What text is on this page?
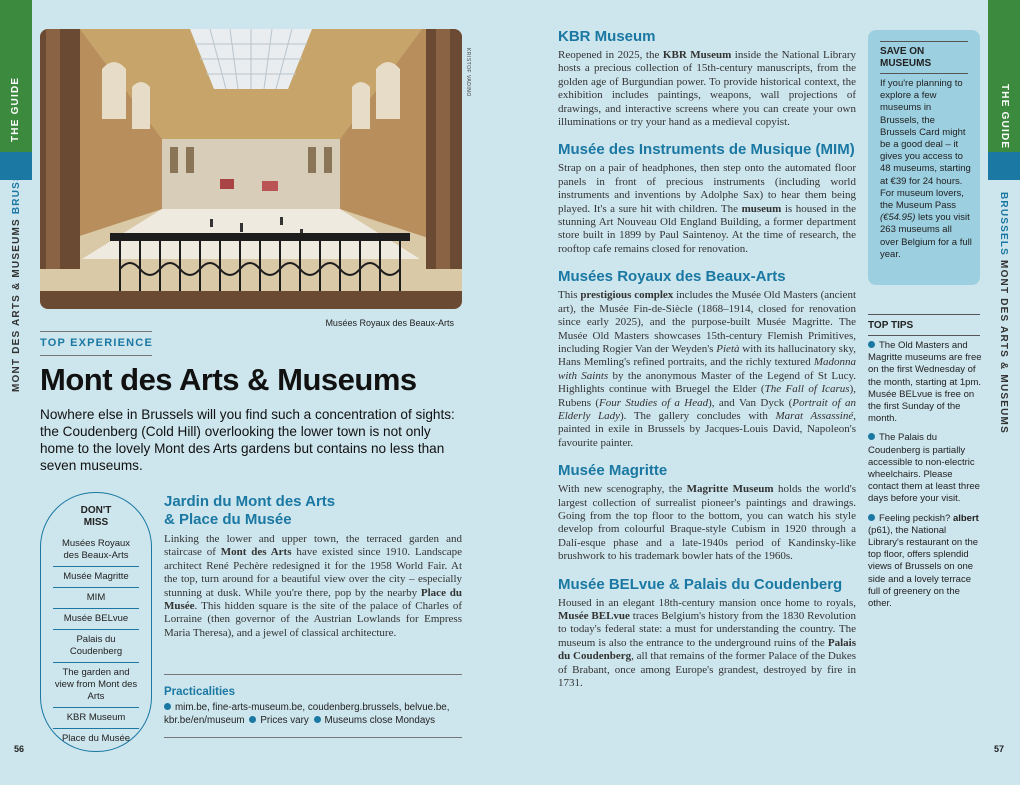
THE GUIDE
MONT DES ARTS & MUSEUMS BRUSSELS
KRISTOF VADINO
Musées Royaux des Beaux-Arts
TOP EXPERIENCE
Mont des Arts & Museums
Nowhere else in Brussels will you find such a concentration of sights: the Coudenberg (Cold Hill) overlooking the lower town is not only home to the lovely Mont des Arts gardens but contains no less than seven museums.
DON'T MISS
Musées Royaux des Beaux-Arts
Musée Magritte
MIM
Musée BELvue
Palais du Coudenberg
The garden and view from Mont des Arts
KBR Museum
Place du Musée
Jardin du Mont des Arts
& Place du Musée

Linking the lower and upper town, the terraced garden and staircase of Mont des Arts have existed since 1910. Landscape architect René Pechère redesigned it for the 1958 World Fair. At the top, turn around for a beautiful view over the city – especially stunning at dusk. While you're there, pop by the nearby Place du Musée. This hidden square is the site of the palace of Charles of Lorraine (then governor of the Austrian Lowlands for Empress Maria Theresa), and a jewel of classical architecture.

Practicalities
mim.be, fine-arts-museum.be, coudenberg.brussels, belvue.be, kbr.be/en/museum Prices vary Museums close Mondays
56
KBR Museum

Reopened in 2025, the KBR Museum inside the National Library hosts a precious collection of 15th-century manuscripts, from the golden age of Burgundian power. To provide historical context, the exhibition includes paintings, weapons, wall projections of drawings, and interactive screens where you can create your own illuminations or try your hand as a medieval copyist.

Musée des Instruments de Musique (MIM)

Strap on a pair of headphones, then step onto the automated floor panels in front of precious instruments (including world instruments and inventions by Adolphe Sax) to hear them being played. It's a sure hit with children. The museum is housed in the stunning Art Nouveau Old England Building, a former department store built in 1899 by Paul Saintenoy. At the time of research, the rooftop cafe remains closed for renovation.

Musées Royaux des Beaux-Arts

This prestigious complex includes the Musée Old Masters (ancient art), the Musée Fin-de-Siècle (1868–1914, closed for renovation since early 2025), and the purpose-built Musée Magritte. The Musée Old Masters showcases 15th-century Flemish Primitives, including Rogier Van der Weyden's Pietà with its hallucinatory sky, Hans Memling's refined portraits, and the richly textured Madonna with Saints by the anonymous Master of the Legend of St Lucy. Highlights continue with Bruegel the Elder (The Fall of Icarus), Rubens (Four Studies of a Head), and Van Dyck (Portrait of an Elderly Lady). The gallery concludes with Marat Assassiné, painted in exile in Brussels by Jacques-Louis David, Napoleon's favourite painter.

Musée Magritte

With new scenography, the Magritte Museum holds the world's largest collection of surrealist pioneer's paintings and drawings. Going from the top floor to the bottom, you can watch his style develop from colourful Braque-style Cubism in 1920 through a Dalí-esque phase and a late-1940s period of Kandinsky-like brushwork to his trademark bowler hats of the 1960s.

Musée BELvue & Palais du Coudenberg

Housed in an elegant 18th-century mansion once home to royals, Musée BELvue traces Belgium's history from the 1830 Revolution to today's federal state: a must for understanding the country. The museum is also the entrance to the underground ruins of the Palais du Coudenberg, all that remains of the former Palace of the Dukes of Brabant, once among Europe's grandest, destroyed by fire in 1731.

SAVE ON MUSEUMS
If you're planning to explore a few museums in Brussels, the Brussels Card might be a good deal – it gives you access to 48 museums, starting at €39 for 24 hours. For museum lovers, the Museum Pass (€54.95) lets you visit 263 museums all over Belgium for a full year.
TOP TIPS
The Old Masters and Magritte museums are free on the first Wednesday of the month, starting at 1pm. Musée BELvue is free on the first Sunday of the month.
The Palais du Coudenberg is partially accessible to non-electric wheelchairs. Please contact them at least three days before your visit.
Feeling peckish? albert (p61), the National Library's restaurant on the top floor, offers splendid views of Brussels on one side and a lovely terrace full of greenery on the other.
THE GUIDE
BRUSSELS MONT DES ARTS & MUSEUMS
57
